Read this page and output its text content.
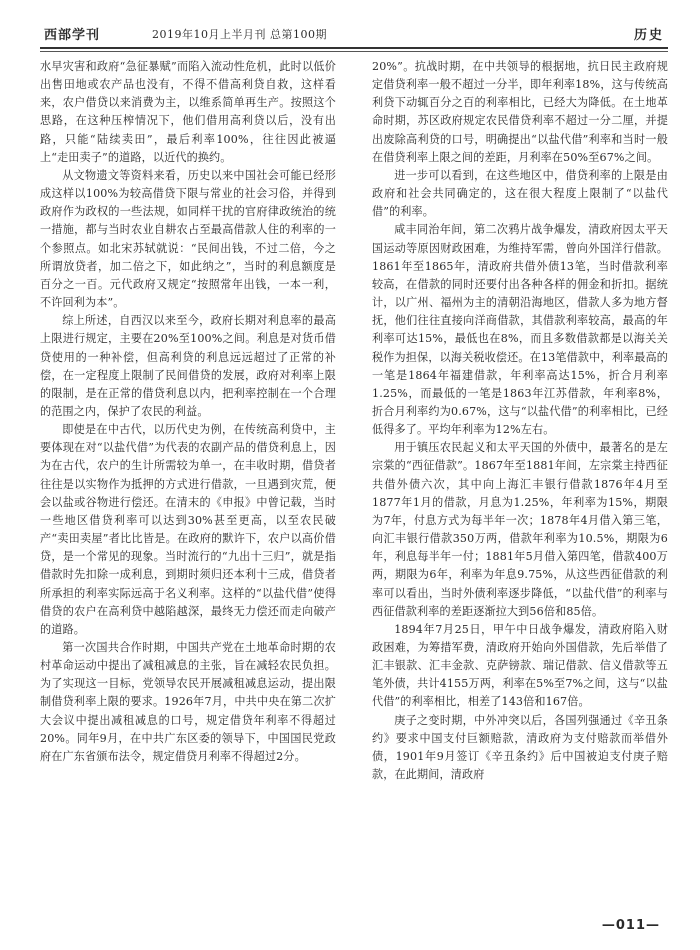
西部学刊	2019年10月上半月刊 总第100期	历史

水早灾害和政府“急征暴赋”而陷入流动性危机，此时以低价出售田地或农产品也没有，不得不借高利贷自救，这样看来，农户借贷以来消费为主，以维系简单再生产。按照这个思路，在这种压榨情况下，他们借用高利贷以后，没有出路，只能“陆续卖田”，最后利率100%，往往因此被逼上“走田卖子”的道路，以近代的换约。

从文物遗文等资料来看，历史以来中国社会可能已经形成这样以100%为较高借贷下限与常业的社会习俗，并得到政府作为政权的一些法规，如同样干扰的官府律政统治的统一措施，都与当时农业自耕农占至最高借款人住的利率的一个参照点。如北宋苏轼就说：“民间出钱，不过二倍，今之所谓放贷者，加二倍之下，如此纳之”，当时的利息额度是百分之一百。元代政府又规定“按照常年出钱，一本一利，不许回利为本”。

综上所述，自西汉以来至今，政府长期对利息率的最高上限进行规定，主要在20%至100%之间。利息是对货币借贷使用的一种补偿，但高利贷的利息远远超过了正常的补偿，在一定程度上限制了民间借贷的发展，政府对利率上限的限制，是在正常的借贷利息以内，把利率控制在一个合理的范围之内，保护了农民的利益。

即使是在中古代，以历代史为例，在传统高利贷中，主要体现在对“以盐代借”为代表的农副产品的借贷利息上，因为在古代，农户的生计所需较为单一，在丰收时期，借贷者往往是以实物作为抵押的方式进行借款，一旦遇到灾荒，便会以盐或谷物进行偿还。在清末的《申报》中曾记载，当时一些地区借贷利率可以达到30%甚至更高，以至农民破产“卖田卖屋”者比比皆是。在政府的默许下，农户以高价借贷，是一个常见的现象。当时流行的“九出十三归”，就是指借款时先扣除一成利息，到期时须归还本利十三成，借贷者所承担的利率实际远高于名义利率。这样的“以盐代借”使得借贷的农户在高利贷中越陷越深，最终无力偿还而走向破产的道路。

第一次国共合作时期，中国共产党在土地革命时期的农村革命运动中提出了减租减息的主张，旨在减轻农民负担。为了实现这一目标，党领导农民开展减租减息运动，提出限制借贷利率上限的要求。1926年7月，中共中央在第二次扩大会议中提出减租减息的口号，规定借贷年利率不得超过20%。同年9月，在中共广东区委的领导下，中国国民党政府在广东省颁布法令，规定借贷月利率不得超过2分。

20%”。抗战时期，在中共领导的根据地，抗日民主政府规定借贷利率一般不超过一分半，即年利率18%，这与传统高利贷下动辄百分之百的利率相比，已经大为降低。在土地革命时期，苏区政府规定农民借贷利率不超过一分二厘，并提出废除高利贷的口号，明确提出“以盐代借”利率和当时一般在借贷利率上限之间的差距，月利率在50%至67%之间。

进一步可以看到，在这些地区中，借贷利率的上限是由政府和社会共同确定的，这在很大程度上限制了“以盐代借”的利率。

咸丰同治年间，第二次鸦片战争爆发，清政府因太平天国运动等原因财政困难，为维持军需，曾向外国洋行借款。1861年至1865年，清政府共借外债13笔，当时借款利率较高，在借款的同时还要付出各种各样的佣金和折扣。据统计，以广州、福州为主的清朝沿海地区，借款人多为地方督抚，他们往往直接向洋商借款，其借款利率较高，最高的年利率可达15%，最低也在8%，而且多数借款都是以海关关税作为担保，以海关税收偿还。在13笔借款中，利率最高的一笔是1864年福建借款，年利率高达15%，折合月利率1.25%，而最低的一笔是1863年江苏借款，年利率8%，折合月利率约为0.67%，这与“以盐代借”的利率相比，已经低得多了。平均年利率为12%左右。

用于镇压农民起义和太平天国的外债中，最著名的是左宗棠的“西征借款”。1867年至1881年间，左宗棠主持西征共借外债六次，其中向上海汇丰银行借款1876年4月至1877年1月的借款，月息为1.25%，年利率为15%，期限为7年，付息方式为每半年一次；1878年4月借入第三笔，向汇丰银行借款350万两，借款年利率为10.5%，期限为6年，利息每半年一付；1881年5月借入第四笔，借款400万两，期限为6年，利率为年息9.75%，从这些西征借款的利率可以看出，当时外债利率逐步降低，“以盐代借”的利率与西征借款利率的差距逐渐拉大到56倍和85倍。

1894年7月25日，甲午中日战争爆发，清政府陷入财政困难，为筹措军费，清政府开始向外国借款，先后举借了汇丰银款、汇丰金款、克萨镑款、瑞记借款、信义借款等五笔外债，共计4155万两，利率在5%至7%之间，这与“以盐代借”的利率相比，相差了143倍和167倍。

庚子之变时期，中外冲突以后，各国列强通过《辛丑条约》要求中国支付巨额赔款，清政府为支付赔款而举借外债，1901年9月签订《辛丑条约》后中国被迫支付庚子赔款，在此期间，清政府

—011—
